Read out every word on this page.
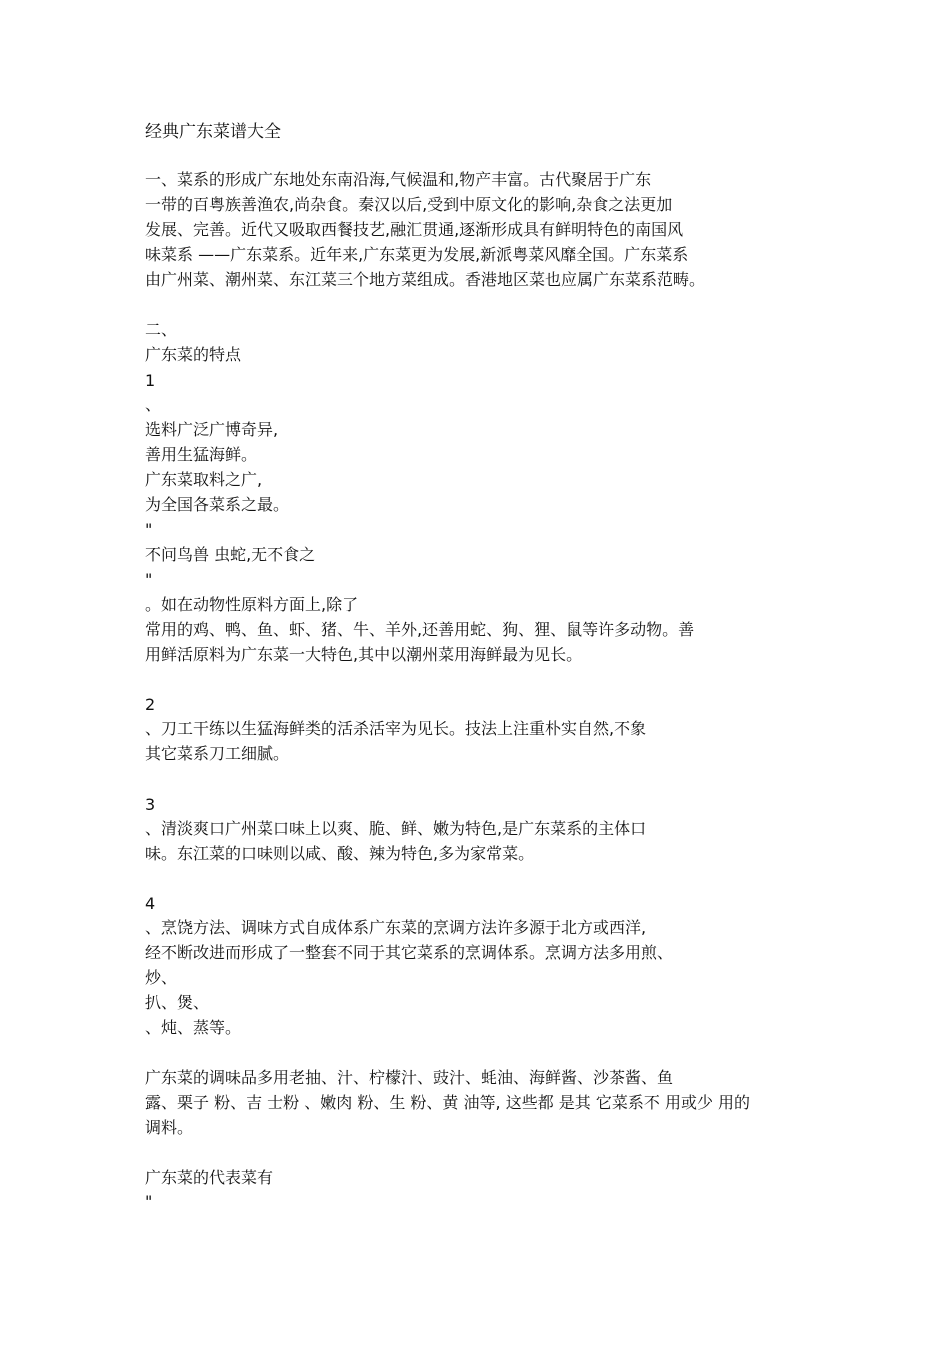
经典广东菜谱大全
一、菜系的形成广东地处东南沿海,气候温和,物产丰富。古代聚居于广东
一带的百粤族善渔农,尚杂食。秦汉以后,受到中原文化的影响,杂食之法更加
发展、完善。近代又吸取西餐技艺,融汇贯通,逐渐形成具有鲜明特色的南国风
味菜系 ——广东菜系。近年来,广东菜更为发展,新派粤菜风靡全国。广东菜系
由广州菜、潮州菜、东江菜三个地方菜组成。香港地区菜也应属广东菜系范畴。
二、
广东菜的特点
1
、
选料广泛广博奇异,
善用生猛海鲜。
广东菜取料之广,
为全国各菜系之最。
"
不问鸟兽 虫蛇,无不食之
"
。如在动物性原料方面上,除了
常用的鸡、鸭、鱼、虾、猪、牛、羊外,还善用蛇、狗、狸、鼠等许多动物。善
用鲜活原料为广东菜一大特色,其中以潮州菜用海鲜最为见长。
2
、刀工干练以生猛海鲜类的活杀活宰为见长。技法上注重朴实自然,不象
其它菜系刀工细腻。
3
、清淡爽口广州菜口味上以爽、脆、鲜、嫩为特色,是广东菜系的主体口
味。东江菜的口味则以咸、酸、辣为特色,多为家常菜。
4
、烹饶方法、调味方式自成体系广东菜的烹调方法许多源于北方或西洋,
经不断改进而形成了一整套不同于其它菜系的烹调体系。烹调方法多用煎、
炒、
扒、煲、
、炖、蒸等。
广东菜的调味品多用老抽、汁、柠檬汁、豉汁、蚝油、海鲜酱、沙茶酱、鱼
露、栗子 粉、吉 士粉 、嫩肉 粉、生 粉、黄 油等, 这些都 是其 它菜系不 用或少 用的
调料。
广东菜的代表菜有
"
